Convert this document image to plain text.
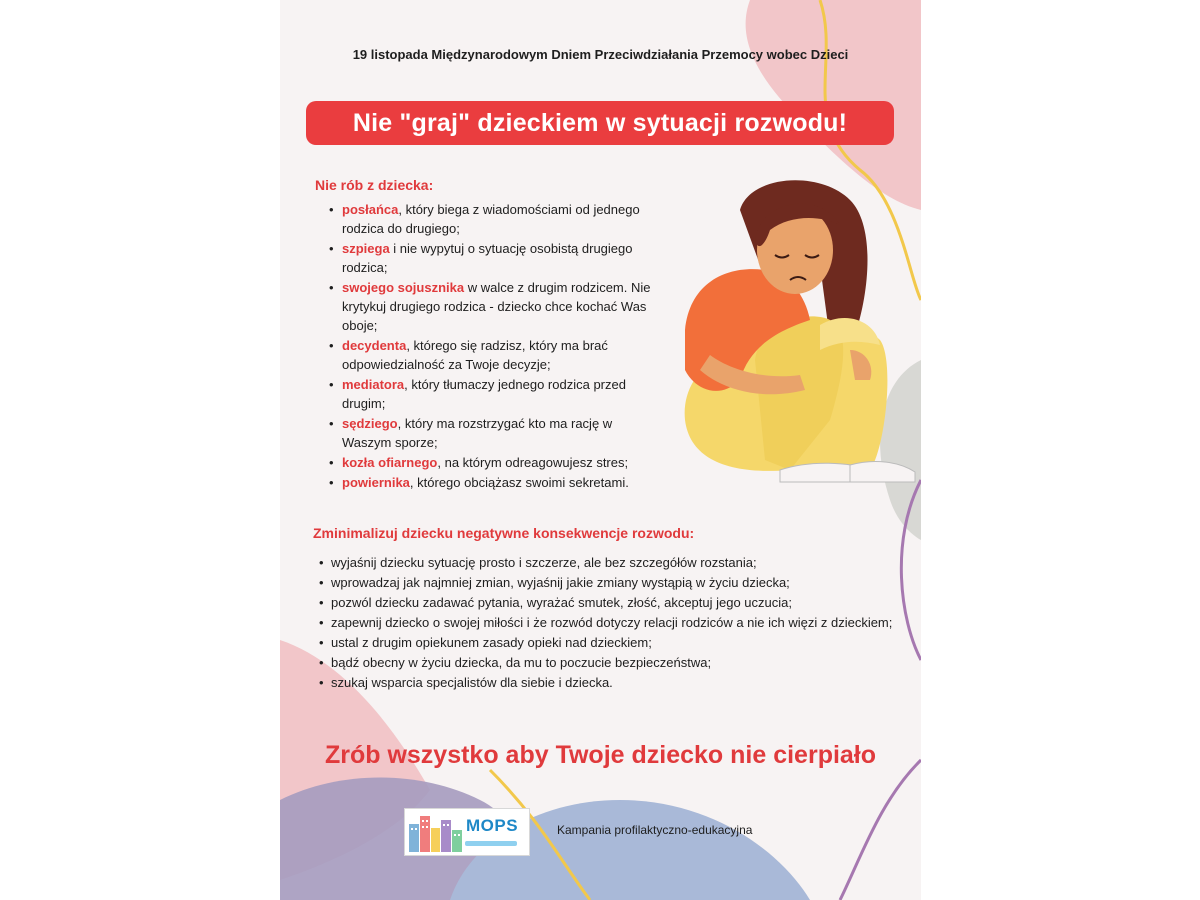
19 listopada Międzynarodowym Dniem Przeciwdziałania Przemocy wobec Dzieci
Nie "graj" dzieckiem w sytuacji rozwodu!
Nie rób z dziecka:
• posłańca, który biega z wiadomościami od jednego rodzica do drugiego;
• szpiega i nie wypytuj o sytuację osobistą drugiego rodzica;
• swojego sojusznika w walce z drugim rodzicem. Nie krytykuj drugiego rodzica - dziecko chce kochać Was oboje;
• decydenta, którego się radzisz, który ma brać odpowiedzialność za Twoje decyzje;
• mediatora, który tłumaczy jednego rodzica przed drugim;
• sędziego, który ma rozstrzygać kto ma rację w Waszym sporze;
• kozła ofiarnego, na którym odreagowujesz stres;
• powiernika, którego obciążasz swoimi sekretami.
Zminimalizuj dziecku negatywne konsekwencje rozwodu:
• wyjaśnij dziecku sytuację prosto i szczerze, ale bez szczegółów rozstania;
• wprowadzaj jak najmniej zmian, wyjaśnij jakie zmiany wystąpią w życiu dziecka;
• pozwól dziecku zadawać pytania, wyrażać smutek, złość, akceptuj jego uczucia;
• zapewnij dziecko o swojej miłości i że rozwód dotyczy relacji rodziców a nie ich więzi z dzieckiem;
• ustal z drugim opiekunem zasady opieki nad dzieckiem;
• bądź obecny w życiu dziecka, da mu to poczucie bezpieczeństwa;
• szukaj wsparcia specjalistów dla siebie i dziecka.
Zrób wszystko aby Twoje dziecko nie cierpiało
MOPS	Kampania profilaktyczno-edukacyjna
